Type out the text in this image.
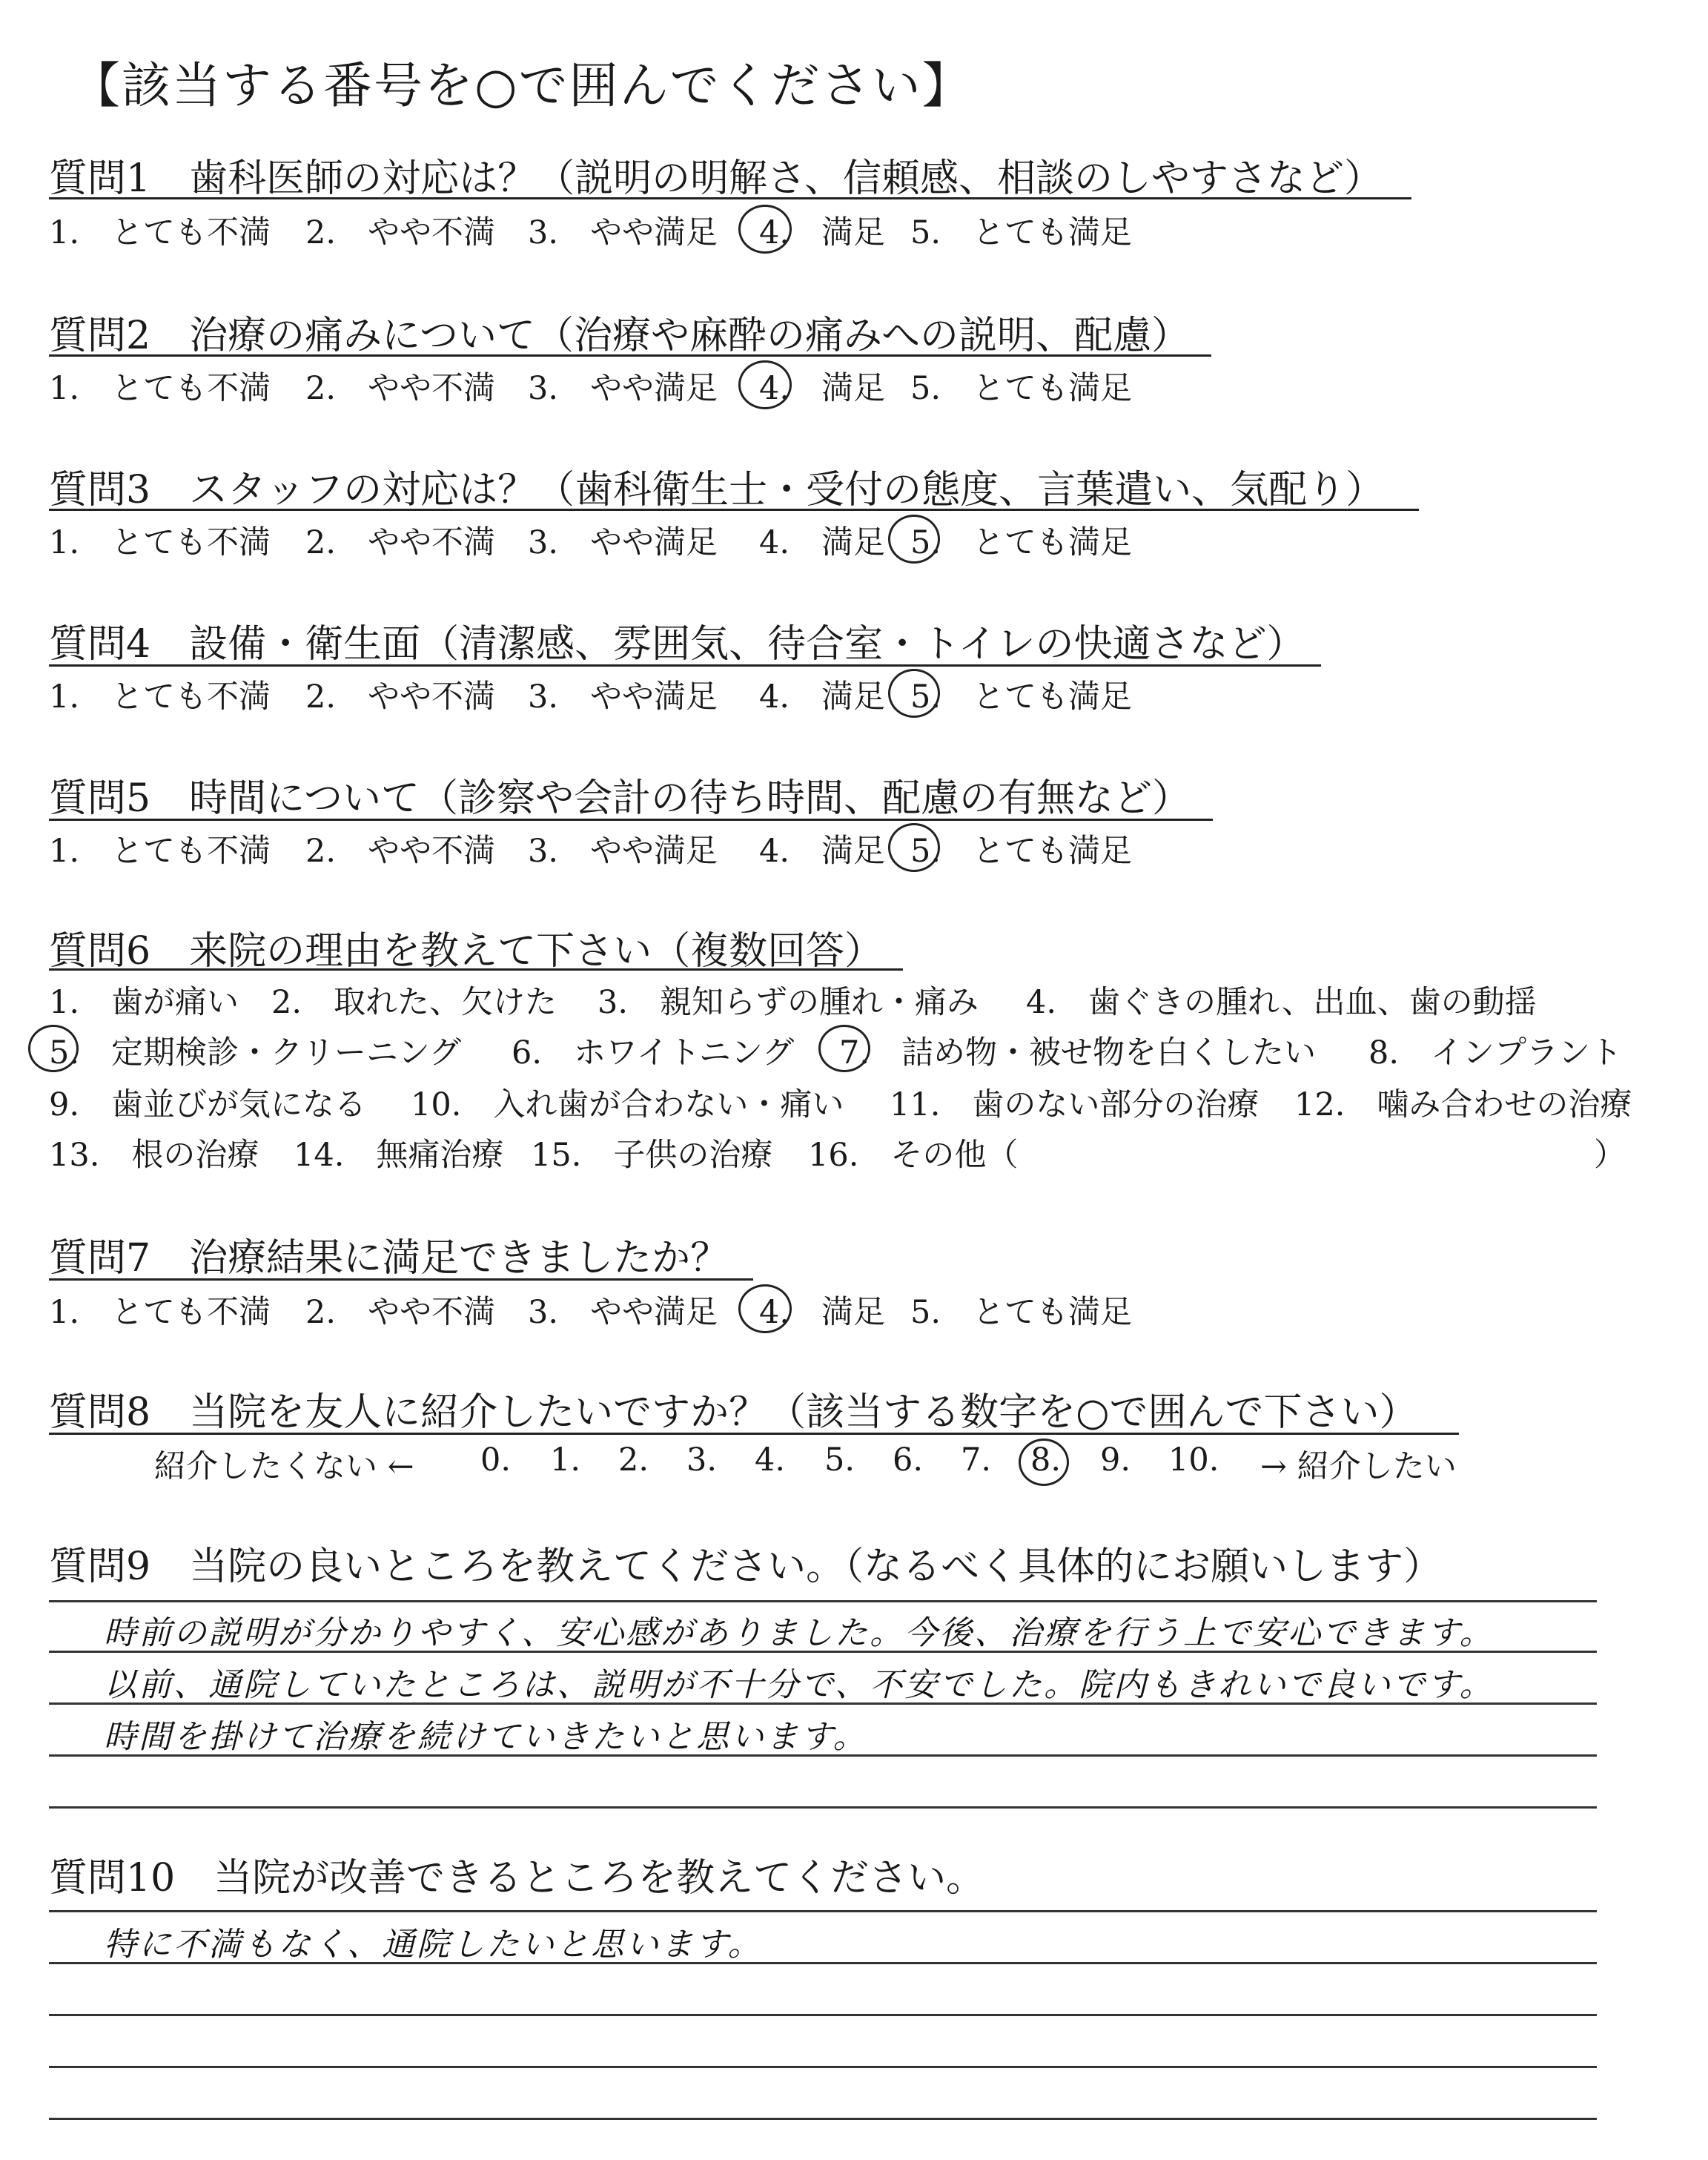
【該当する番号を○で囲んでください】
質問1　歯科医師の対応は？（説明の明解さ、信頼感、相談のしやすさなど）
1.　とても不満 2.　やや不満 3.　やや満足 4.　満足 5.　とても満足
質問2　治療の痛みについて（治療や麻酔の痛みへの説明、配慮）
1.　とても不満 2.　やや不満 3.　やや満足 4.　満足 5.　とても満足
質問3　スタッフの対応は？（歯科衛生士・受付の態度、言葉遣い、気配り）
1.　とても不満 2.　やや不満 3.　やや満足 4.　満足 5.　とても満足
質問4　設備・衛生面（清潔感、雰囲気、待合室・トイレの快適さなど）
1.　とても不満 2.　やや不満 3.　やや満足 4.　満足 5.　とても満足
質問5　時間について（診察や会計の待ち時間、配慮の有無など）
1.　とても不満 2.　やや不満 3.　やや満足 4.　満足 5.　とても満足
質問6　来院の理由を教えて下さい（複数回答）
1.　歯が痛い 2.　取れた、欠けた 3.　親知らずの腫れ・痛み 4.　歯ぐきの腫れ、出血、歯の動揺
5.　定期検診・クリーニング 6.　ホワイトニング 7.　詰め物・被せ物を白くしたい 8.　インプラント
9.　歯並びが気になる 10.　入れ歯が合わない・痛い 11.　歯のない部分の治療 12.　噛み合わせの治療
13.　根の治療 14.　無痛治療 15.　子供の治療 16.　その他（	）
質問7　治療結果に満足できましたか？
1.　とても不満 2.　やや不満 3.　やや満足 4.　満足 5.　とても満足
質問8　当院を友人に紹介したいですか？（該当する数字を○で囲んで下さい）
紹介したくない ← 0. 1. 2. 3. 4. 5. 6. 7. 8. 9. 10. → 紹介したい
質問9　当院の良いところを教えてください。（なるべく具体的にお願いします）
時前の説明が分かりやすく、安心感がありました。今後、治療を行う上で安心できます。
以前、通院していたところは、説明が不十分で、不安でした。院内もきれいで良いです。
時間を掛けて治療を続けていきたいと思います。
質問10　当院が改善できるところを教えてください。
特に不満もなく、通院したいと思います。
